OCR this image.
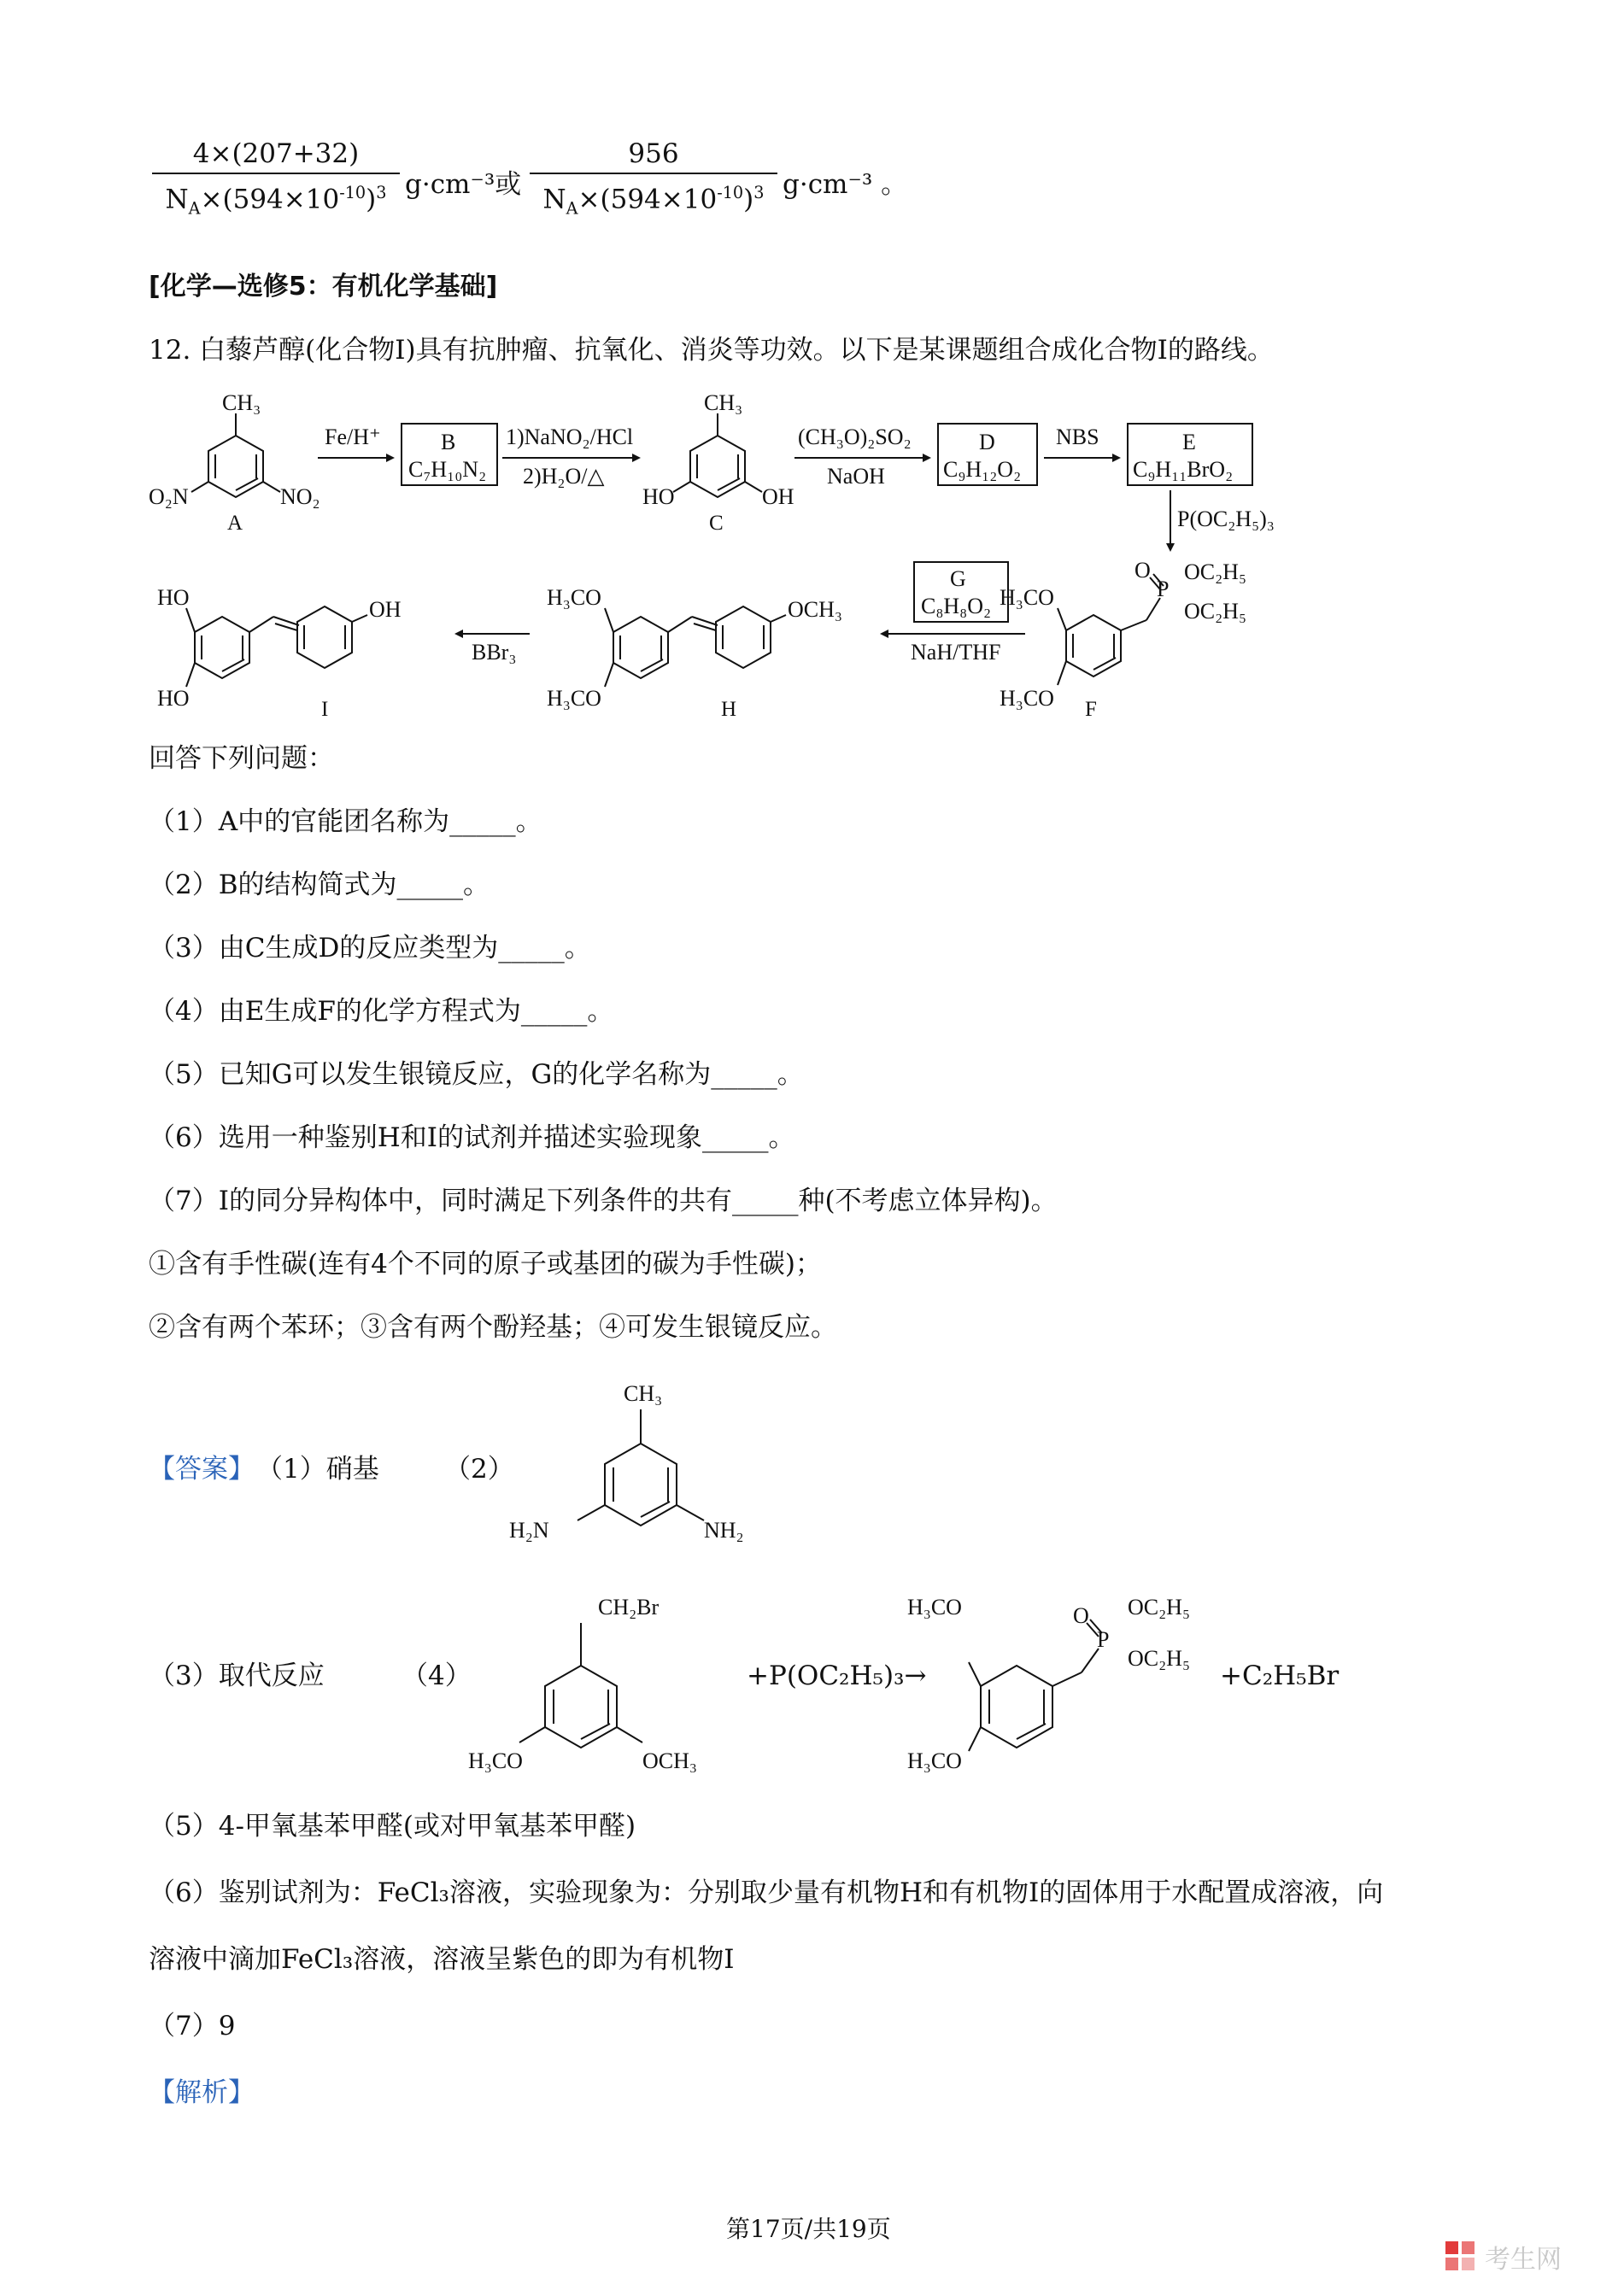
4×(207+32)
$N_A\times(594\times 10^{-10})^3$ g·cm⁻³或
956
$N_A\times(594\times 10^{-10})^3$ g·cm⁻³ 。
[化学—选修5：有机化学基础]
12. 白藜芦醇(化合物I)具有抗肿瘤、抗氧化、消炎等功效。以下是某课题组合成化合物I的路线。
CH₃
O₂N	NO₂
A
Fe/H⁺	B
C₇H₁₀N₂
1)NaNO₂/HCl
2)H₂O/△
CH₃
HO	OH
C
(CH₃O)₂SO₂
NaOH
D
C₉H₁₂O₂
NBS	E
C₉H₁₁BrO₂
P(OC₂H₅)₃
H₃CO
H₃CO
O
P
OC₂H₅
OC₂H₅
F
G
C₈H₈O₂
NaH/THF
H₃CO
H₃CO
OCH₃
H
BBr₃
HO
HO
OH
I
回答下列问题：
（1）A中的官能团名称为_____。
（2）B的结构简式为_____。
（3）由C生成D的反应类型为_____。
（4）由E生成F的化学方程式为_____。
（5）已知G可以发生银镜反应，G的化学名称为_____。
（6）选用一种鉴别H和I的试剂并描述实验现象_____。
（7）I的同分异构体中，同时满足下列条件的共有_____种(不考虑立体异构)。
①含有手性碳(连有4个不同的原子或基团的碳为手性碳)；
②含有两个苯环；③含有两个酚羟基；④可发生银镜反应。
【答案】 （1）硝基 （2）
CH₃
H₂N	NH₂
（3）取代反应	（4）
CH₂Br
H₃CO	OCH₃
+P(OC₂H₅)₃→
H₃CO
H₃CO
O
P
OC₂H₅
OC₂H₅
+C₂H₅Br
（5）4-甲氧基苯甲醛(或对甲氧基苯甲醛)
（6）鉴别试剂为：FeCl₃溶液，实验现象为：分别取少量有机物H和有机物I的固体用于水配置成溶液，向
溶液中滴加FeCl₃溶液，溶液呈紫色的即为有机物I
（7）9
【解析】
第17页/共19页
考生网
